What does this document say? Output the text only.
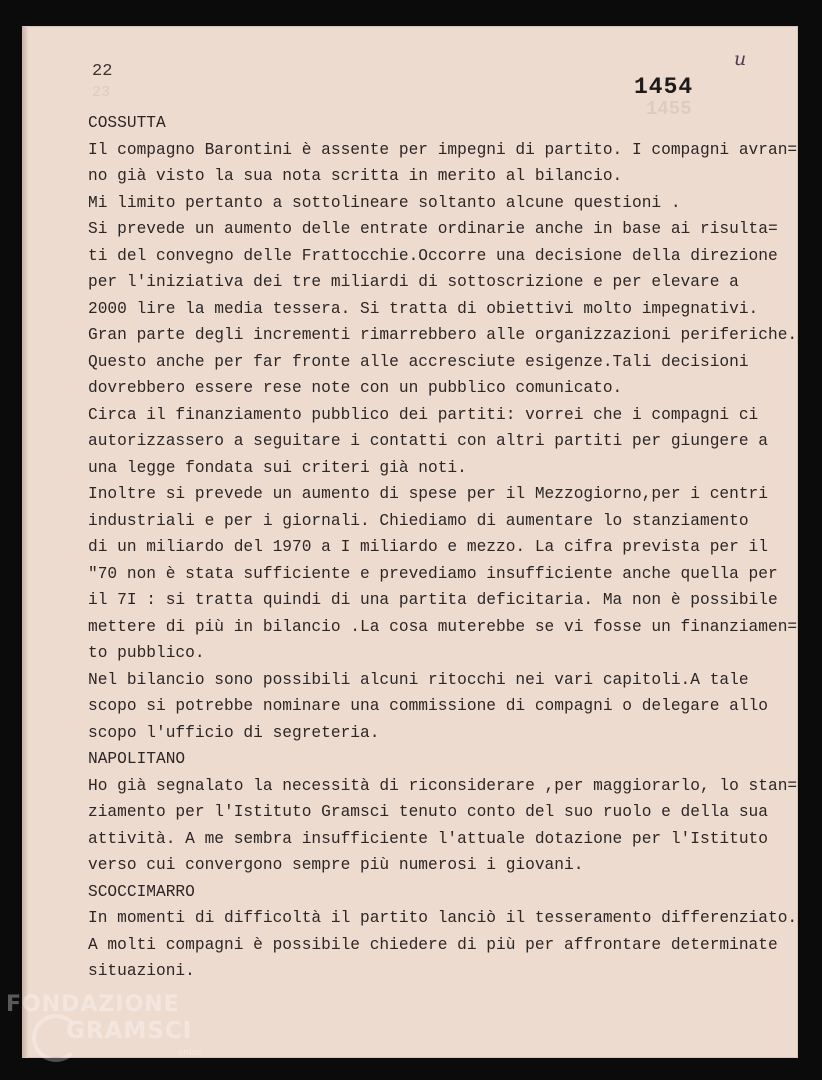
23
22
u
1454
1455
COSSUTTA
Il compagno Barontini è assente per impegni di partito. I compagni avran=
no già visto la sua nota scritta in merito al bilancio.
Mi limito pertanto a sottolineare soltanto alcune questioni .
Si prevede un aumento delle entrate ordinarie anche in base ai risulta=
ti del convegno delle Frattocchie.Occorre una decisione della direzione
per l'iniziativa dei tre miliardi di sottoscrizione e per elevare a
2000 lire la media tessera. Si tratta di obiettivi molto impegnativi.
Gran parte degli incrementi rimarrebbero alle organizzazioni periferiche.
Questo anche per far fronte alle accresciute esigenze.Tali decisioni
dovrebbero essere rese note con un pubblico comunicato.
Circa il finanziamento pubblico dei partiti: vorrei che i compagni ci
autorizzassero a seguitare i contatti con altri partiti per giungere a
una legge fondata sui criteri già noti.
Inoltre si prevede un aumento di spese per il Mezzogiorno,per i centri
industriali e per i giornali. Chiediamo di aumentare lo stanziamento
di un miliardo del 1970 a I miliardo e mezzo. La cifra prevista per il
"70 non è stata sufficiente e prevediamo insufficiente anche quella per
il 7I : si tratta quindi di una partita deficitaria. Ma non è possibile
mettere di più in bilancio .La cosa muterebbe se vi fosse un finanziamen=
to pubblico.
Nel bilancio sono possibili alcuni ritocchi nei vari capitoli.A tale
scopo si potrebbe nominare una commissione di compagni o delegare allo
scopo l'ufficio di segreteria.
NAPOLITANO
Ho già segnalato la necessità di riconsiderare ,per maggiorarlo, lo stan=
ziamento per l'Istituto Gramsci tenuto conto del suo ruolo e della sua
attività. A me sembra insufficiente l'attuale dotazione per l'Istituto
verso cui convergono sempre più numerosi i giovani.
SCOCCIMARRO
In momenti di difficoltà il partito lanciò il tesseramento differenziato.
A molti compagni è possibile chiedere di più per affrontare determinate
situazioni.
FONDAZIONE
GRAMSCI
onlus
